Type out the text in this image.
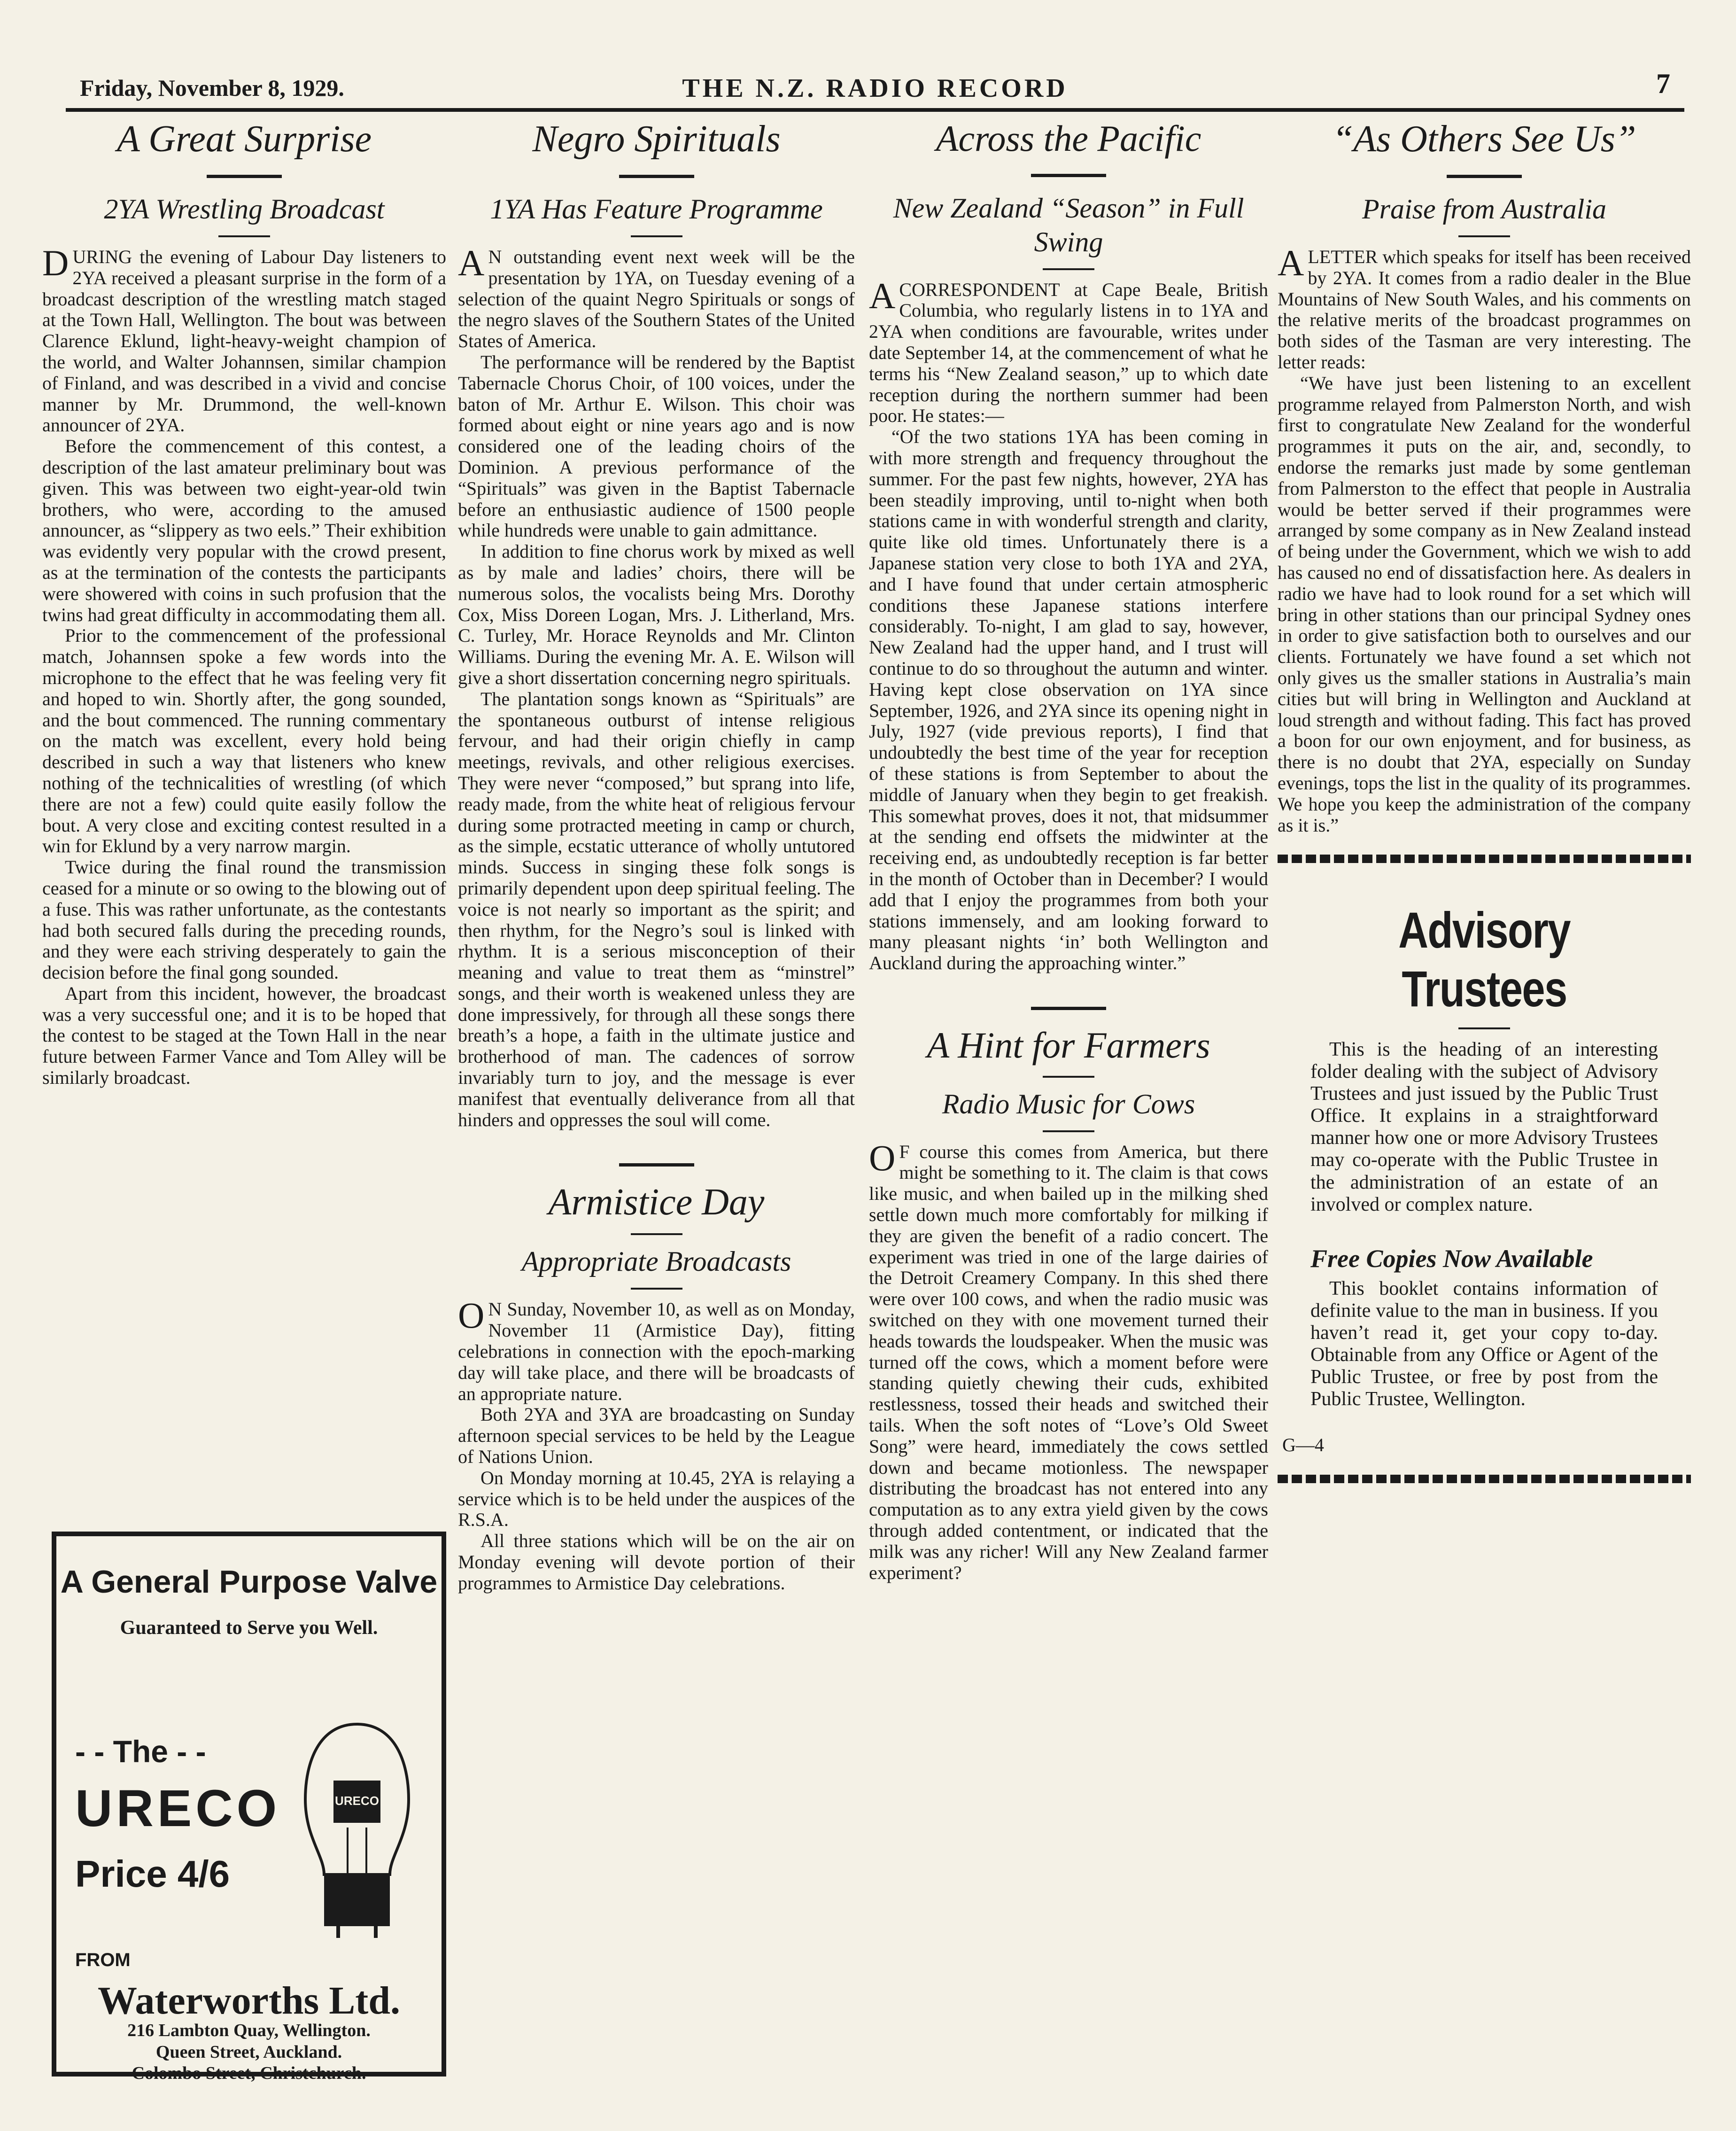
Friday, November 8, 1929.	THE N.Z. RADIO RECORD	7
A Great Surprise
2YA Wrestling Broadcast

DURING the evening of Labour Day listeners to 2YA received a pleasant surprise in the form of a broadcast description of the wrestling match staged at the Town Hall, Wellington. The bout was between Clarence Eklund, light-heavy-weight champion of the world, and Walter Johannsen, similar champion of Finland, and was described in a vivid and concise manner by Mr. Drummond, the well-known announcer of 2YA.

Before the commencement of this contest, a description of the last amateur preliminary bout was given. This was between two eight-year-old twin brothers, who were, according to the amused announcer, as “slippery as two eels.” Their exhibition was evidently very popular with the crowd present, as at the termination of the contests the participants were showered with coins in such profusion that the twins had great difficulty in accommodating them all.

Prior to the commencement of the professional match, Johannsen spoke a few words into the microphone to the effect that he was feeling very fit and hoped to win. Shortly after, the gong sounded, and the bout commenced. The running commentary on the match was excellent, every hold being described in such a way that listeners who knew nothing of the technicalities of wrestling (of which there are not a few) could quite easily follow the bout. A very close and exciting contest resulted in a win for Eklund by a very narrow margin.

Twice during the final round the transmission ceased for a minute or so owing to the blowing out of a fuse. This was rather unfortunate, as the contestants had both secured falls during the preceding rounds, and they were each striving desperately to gain the decision before the final gong sounded.

Apart from this incident, however, the broadcast was a very successful one; and it is to be hoped that the contest to be staged at the Town Hall in the near future between Farmer Vance and Tom Alley will be similarly broadcast.

A General Purpose Valve
Guaranteed to Serve you Well.
- - The - -
URECO
Price 4/6
URECO
FROM
Waterworths Ltd.
216 Lambton Quay, Wellington.
Queen Street, Auckland.
Colombo Street, Christchurch.
Negro Spirituals
1YA Has Feature Programme

AN outstanding event next week will be the presentation by 1YA, on Tuesday evening of a selection of the quaint Negro Spirituals or songs of the negro slaves of the Southern States of the United States of America.

The performance will be rendered by the Baptist Tabernacle Chorus Choir, of 100 voices, under the baton of Mr. Arthur E. Wilson. This choir was formed about eight or nine years ago and is now considered one of the leading choirs of the Dominion. A previous performance of the “Spirituals” was given in the Baptist Tabernacle before an enthusiastic audience of 1500 people while hundreds were unable to gain admittance.

In addition to fine chorus work by mixed as well as by male and ladies’ choirs, there will be numerous solos, the vocalists being Mrs. Dorothy Cox, Miss Doreen Logan, Mrs. J. Litherland, Mrs. C. Turley, Mr. Horace Reynolds and Mr. Clinton Williams. During the evening Mr. A. E. Wilson will give a short dissertation concerning negro spirituals.

The plantation songs known as “Spirituals” are the spontaneous outburst of intense religious fervour, and had their origin chiefly in camp meetings, revivals, and other religious exercises. They were never “composed,” but sprang into life, ready made, from the white heat of religious fervour during some protracted meeting in camp or church, as the simple, ecstatic utterance of wholly untutored minds. Success in singing these folk songs is primarily dependent upon deep spiritual feeling. The voice is not nearly so important as the spirit; and then rhythm, for the Negro’s soul is linked with rhythm. It is a serious misconception of their meaning and value to treat them as “minstrel” songs, and their worth is weakened unless they are done impressively, for through all these songs there breath’s a hope, a faith in the ultimate justice and brotherhood of man. The cadences of sorrow invariably turn to joy, and the message is ever manifest that eventually deliverance from all that hinders and oppresses the soul will come.

Armistice Day
Appropriate Broadcasts

ON Sunday, November 10, as well as on Monday, November 11 (Armistice Day), fitting celebrations in connection with the epoch-marking day will take place, and there will be broadcasts of an appropriate nature.

Both 2YA and 3YA are broadcasting on Sunday afternoon special services to be held by the League of Nations Union.

On Monday morning at 10.45, 2YA is relaying a service which is to be held under the auspices of the R.S.A.

All three stations which will be on the air on Monday evening will devote portion of their programmes to Armistice Day celebrations.

Across the Pacific
New Zealand “Season” in Full Swing

ACORRESPONDENT at Cape Beale, British Columbia, who regularly listens in to 1YA and 2YA when conditions are favourable, writes under date September 14, at the commencement of what he terms his “New Zealand season,” up to which date reception during the northern summer had been poor. He states:—

“Of the two stations 1YA has been coming in with more strength and frequency throughout the summer. For the past few nights, however, 2YA has been steadily improving, until to-night when both stations came in with wonderful strength and clarity, quite like old times. Unfortunately there is a Japanese station very close to both 1YA and 2YA, and I have found that under certain atmospheric conditions these Japanese stations interfere considerably. To-night, I am glad to say, however, New Zealand had the upper hand, and I trust will continue to do so throughout the autumn and winter. Having kept close observation on 1YA since September, 1926, and 2YA since its opening night in July, 1927 (vide previous reports), I find that undoubtedly the best time of the year for reception of these stations is from September to about the middle of January when they begin to get freakish. This somewhat proves, does it not, that midsummer at the sending end offsets the midwinter at the receiving end, as undoubtedly reception is far better in the month of October than in December? I would add that I enjoy the programmes from both your stations immensely, and am looking forward to many pleasant nights ‘in’ both Wellington and Auckland during the approaching winter.”

A Hint for Farmers
Radio Music for Cows

OF course this comes from America, but there might be something to it. The claim is that cows like music, and when bailed up in the milking shed settle down much more comfortably for milking if they are given the benefit of a radio concert. The experiment was tried in one of the large dairies of the Detroit Creamery Company. In this shed there were over 100 cows, and when the radio music was switched on they with one movement turned their heads towards the loudspeaker. When the music was turned off the cows, which a moment before were standing quietly chewing their cuds, exhibited restlessness, tossed their heads and switched their tails. When the soft notes of “Love’s Old Sweet Song” were heard, immediately the cows settled down and became motionless. The newspaper distributing the broadcast has not entered into any computation as to any extra yield given by the cows through added contentment, or indicated that the milk was any richer! Will any New Zealand farmer experiment?

“As Others See Us”
Praise from Australia

ALETTER which speaks for itself has been received by 2YA. It comes from a radio dealer in the Blue Mountains of New South Wales, and his comments on the relative merits of the broadcast programmes on both sides of the Tasman are very interesting. The letter reads:

“We have just been listening to an excellent programme relayed from Palmerston North, and wish first to congratulate New Zealand for the wonderful programmes it puts on the air, and, secondly, to endorse the remarks just made by some gentleman from Palmerston to the effect that people in Australia would be better served if their programmes were arranged by some company as in New Zealand instead of being under the Government, which we wish to add has caused no end of dissatisfaction here. As dealers in radio we have had to look round for a set which will bring in other stations than our principal Sydney ones in order to give satisfaction both to ourselves and our clients. Fortunately we have found a set which not only gives us the smaller stations in Australia’s main cities but will bring in Wellington and Auckland at loud strength and without fading. This fact has proved a boon for our own enjoyment, and for business, as there is no doubt that 2YA, especially on Sunday evenings, tops the list in the quality of its programmes. We hope you keep the administration of the company as it is.”

Advisory Trustees

This is the heading of an interesting folder dealing with the subject of Advisory Trustees and just issued by the Public Trust Office. It explains in a straightforward manner how one or more Advisory Trustees may co-operate with the Public Trustee in the administration of an estate of an involved or complex nature.

Free Copies Now Available

This booklet contains information of definite value to the man in business. If you haven’t read it, get your copy to-day. Obtainable from any Office or Agent of the Public Trustee, or free by post from the Public Trustee, Wellington.

G—4
